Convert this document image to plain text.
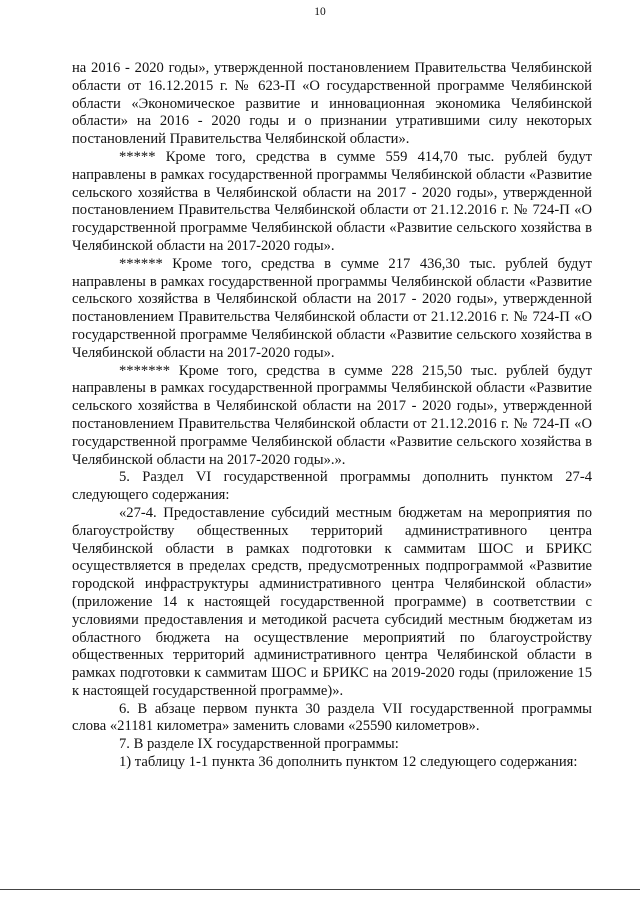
10

на 2016 - 2020 годы», утвержденной постановлением Правительства Челябинской области от 16.12.2015 г. № 623-П «О государственной программе Челябинской области «Экономическое развитие и инновационная экономика Челябинской области» на 2016 - 2020 годы и о признании утратившими силу некоторых постановлений Правительства Челябинской области».

***** Кроме того, средства в сумме 559 414,70 тыс. рублей будут направлены в рамках государственной программы Челябинской области «Развитие сельского хозяйства в Челябинской области на 2017 - 2020 годы», утвержденной постановлением Правительства Челябинской области от 21.12.2016 г. № 724-П «О государственной программе Челябинской области «Развитие сельского хозяйства в Челябинской области на 2017-2020 годы».

****** Кроме того, средства в сумме 217 436,30 тыс. рублей будут направлены в рамках государственной программы Челябинской области «Развитие сельского хозяйства в Челябинской области на 2017 - 2020 годы», утвержденной постановлением Правительства Челябинской области от 21.12.2016 г. № 724-П «О государственной программе Челябинской области «Развитие сельского хозяйства в Челябинской области на 2017-2020 годы».

******* Кроме того, средства в сумме 228 215,50 тыс. рублей будут направлены в рамках государственной программы Челябинской области «Развитие сельского хозяйства в Челябинской области на 2017 - 2020 годы», утвержденной постановлением Правительства Челябинской области от 21.12.2016 г. № 724-П «О государственной программе Челябинской области «Развитие сельского хозяйства в Челябинской области на 2017-2020 годы».».

5. Раздел VI государственной программы дополнить пунктом 27-4 следующего содержания:

«27-4. Предоставление субсидий местным бюджетам на мероприятия по благоустройству общественных территорий административного центра Челябинской области в рамках подготовки к саммитам ШОС и БРИКС осуществляется в пределах средств, предусмотренных подпрограммой «Развитие городской инфраструктуры административного центра Челябинской области» (приложение 14 к настоящей государственной программе) в соответствии с условиями предоставления и методикой расчета субсидий местным бюджетам из областного бюджета на осуществление мероприятий по благоустройству общественных территорий административного центра Челябинской области в рамках подготовки к саммитам ШОС и БРИКС на 2019-2020 годы (приложение 15 к настоящей государственной программе)».

6. В абзаце первом пункта 30 раздела VII государственной программы слова «21181 километра» заменить словами «25590 километров».

7. В разделе IX государственной программы:

1) таблицу 1-1 пункта 36 дополнить пунктом 12 следующего содержания:
